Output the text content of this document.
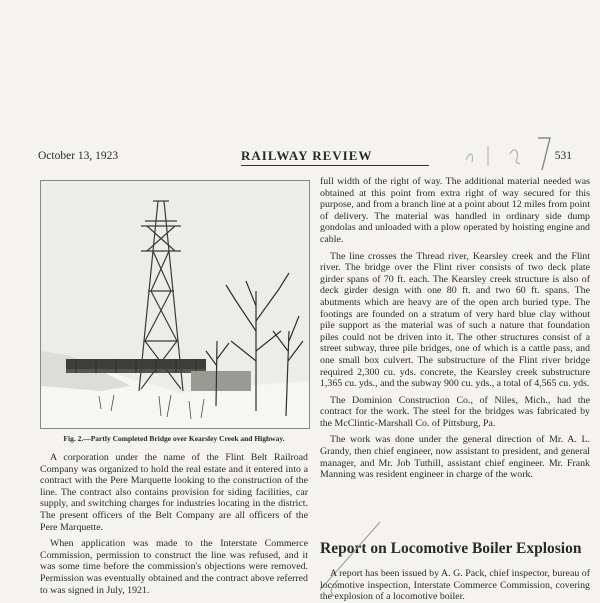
October 13, 1923	RAILWAY REVIEW	531
Fig. 2.—Partly Completed Bridge over Kearsley Creek and Highway.

A corporation under the name of the Flint Belt Railroad Company was organized to hold the real estate and it entered into a contract with the Pere Marquette looking to the construction of the line. The contract also contains provision for siding facilities, car supply, and switching charges for industries locating in the district. The present officers of the Belt Company are all officers of the Pere Marquette.

When application was made to the Interstate Commerce Commission, permission to construct the line was refused, and it was some time before the commission's objections were removed. Permission was eventually obtained and the contract above referred to was signed in July, 1921.

full width of the right of way. The additional material needed was obtained at this point from extra right of way secured for this purpose, and from a branch line at a point about 12 miles from point of delivery. The material was handled in ordinary side dump gondolas and unloaded with a plow operated by hoisting engine and cable.

The line crosses the Thread river, Kearsley creek and the Flint river. The bridge over the Flint river consists of two deck plate girder spans of 70 ft. each. The Kearsley creek structure is also of deck girder design with one 80 ft. and two 60 ft. spans. The abutments which are heavy are of the open arch buried type. The footings are founded on a stratum of very hard blue clay without pile support as the material was of such a nature that foundation piles could not be driven into it. The other structures consist of a street subway, three pile bridges, one of which is a cattle pass, and one small box culvert. The substructure of the Flint river bridge required 2,300 cu. yds. concrete, the Kearsley creek substructure 1,365 cu. yds., and the subway 900 cu. yds., a total of 4,565 cu. yds.

The Dominion Construction Co., of Niles, Mich., had the contract for the work. The steel for the bridges was fabricated by the McClintic-Marshall Co. of Pittsburg, Pa.

The work was done under the general direction of Mr. A. L. Grandy, then chief engineer, now assistant to president, and general manager, and Mr. Job Tuthill, assistant chief engineer. Mr. Frank Manning was resident engineer in charge of the work.

Report on Locomotive Boiler Explosion

A report has been issued by A. G. Pack, chief inspector, bureau of locomotive inspection, Interstate Commerce Commission, covering the explosion of a locomotive boiler.
